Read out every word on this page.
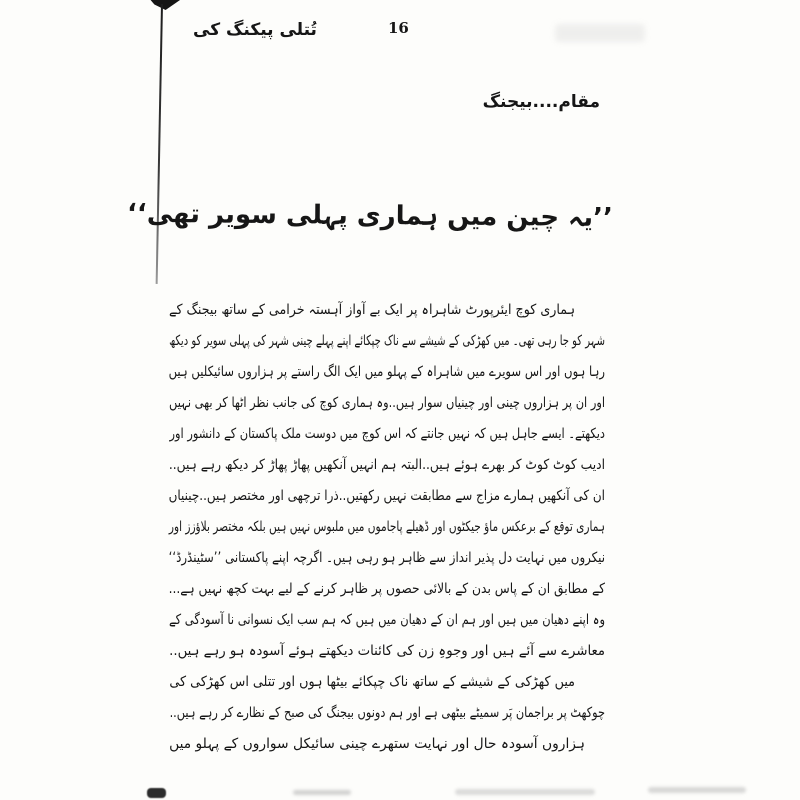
تُتلی پیکنگ کی	16
مقام....بیجنگ
’’یہ چین میں ہماری پہلی سویر تھی‘‘
ہماری کوچ ایئرپورٹ شاہراہ پر ایک بے آواز آہستہ خرامی کے ساتھ بیجنگ کے
شہر کو جا رہی تھی۔ میں کھڑکی کے شیشے سے ناک چپکائے اپنے پہلے چینی شہر کی پہلی سویر کو دیکھ
رہا ہوں اور اس سویرے میں شاہراہ کے پہلو میں ایک الگ راستے پر ہزاروں سائیکلیں ہیں
اور ان پر ہزاروں چینی اور چینیاں سوار ہیں..وہ ہماری کوچ کی جانب نظر اٹھا کر بھی نہیں
دیکھتے۔ ایسے جاہل ہیں کہ نہیں جانتے کہ اس کوچ میں دوست ملک پاکستان کے دانشور اور
ادیب کوٹ کوٹ کر بھرے ہوئے ہیں..البتہ ہم انہیں آنکھیں پھاڑ پھاڑ کر دیکھ رہے ہیں..
ان کی آنکھیں ہمارے مزاج سے مطابقت نہیں رکھتیں..ذرا ترچھی اور مختصر ہیں..چینیاں
ہماری توقع کے برعکس ماؤ جیکٹوں اور ڈھیلے پاجاموں میں ملبوس نہیں ہیں بلکہ مختصر بلاؤزز اور
نیکروں میں نہایت دل پذیر انداز سے ظاہر ہو رہی ہیں۔ اگرچہ اپنے پاکستانی ’’سٹینڈرڈ‘‘
کے مطابق ان کے پاس بدن کے بالائی حصوں پر ظاہر کرنے کے لیے بہت کچھ نہیں ہے...
وہ اپنے دھیان میں ہیں اور ہم ان کے دھیان میں ہیں کہ ہم سب ایک نسوانی نا آسودگی کے
معاشرے سے آئے ہیں اور وجوہِ زن کی کائنات دیکھتے ہوئے آسودہ ہو رہے ہیں..
میں کھڑکی کے شیشے کے ساتھ ناک چپکائے بیٹھا ہوں اور تتلی اس کھڑکی کی
چوکھٹ پر براجمان پَر سمیٹے بیٹھی ہے اور ہم دونوں بیجنگ کی صبح کے نظارے کر رہے ہیں..
ہزاروں آسودہ حال اور نہایت ستھرے چینی سائیکل سواروں کے پہلو میں
